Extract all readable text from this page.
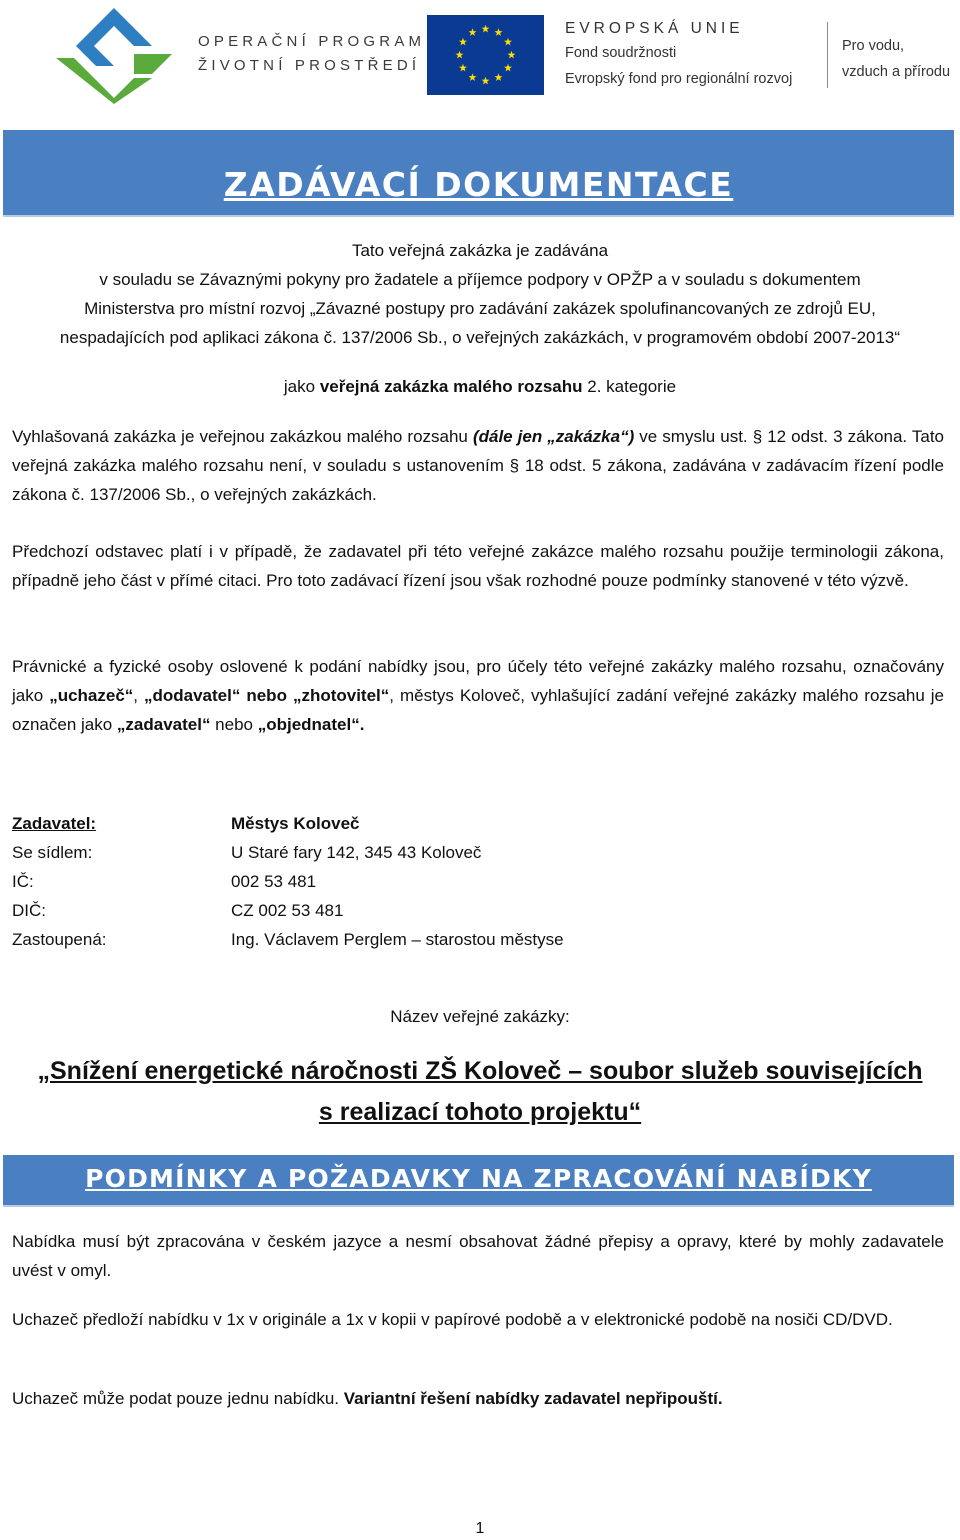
OPERAČNÍ PROGRAM
ŽIVOTNÍ PROSTŘEDÍ
EVROPSKÁ UNIE
Fond soudržnosti
Evropský fond pro regionální rozvoj
Pro vodu,
vzduch a přírodu
ZADÁVACÍ DOKUMENTACE
Tato veřejná zakázka je zadávána
v souladu se Závaznými pokyny pro žadatele a příjemce podpory v OPŽP a v souladu s dokumentem
Ministerstva pro místní rozvoj „Závazné postupy pro zadávání zakázek spolufinancovaných ze zdrojů EU,
nespadajících pod aplikaci zákona č. 137/2006 Sb., o veřejných zakázkách, v programovém období 2007-2013“
jako veřejná zakázka malého rozsahu 2. kategorie
Vyhlašovaná zakázka je veřejnou zakázkou malého rozsahu (dále jen „zakázka“) ve smyslu ust. § 12 odst. 3 zákona. Tato veřejná zakázka malého rozsahu není, v souladu s ustanovením § 18 odst. 5 zákona, zadávána v zadávacím řízení podle zákona č. 137/2006 Sb., o veřejných zakázkách.
Předchozí odstavec platí i v případě, že zadavatel při této veřejné zakázce malého rozsahu použije terminologii zákona, případně jeho část v přímé citaci. Pro toto zadávací řízení jsou však rozhodné pouze podmínky stanovené v této výzvě.
Právnické a fyzické osoby oslovené k podání nabídky jsou, pro účely této veřejné zakázky malého rozsahu, označovány jako „uchazeč“, „dodavatel“ nebo „zhotovitel“, městys Koloveč, vyhlašující zadání veřejné zakázky malého rozsahu je označen jako „zadavatel“ nebo „objednatel“.
Zadavatel:	Městys Koloveč
Se sídlem:	U Staré fary 142, 345 43 Koloveč
IČ:	002 53 481
DIČ:	CZ 002 53 481
Zastoupená:	Ing. Václavem Perglem – starostou městyse
Název veřejné zakázky:
„Snížení energetické náročnosti ZŠ Koloveč – soubor služeb souvisejících
s realizací tohoto projektu“
PODMÍNKY A POŽADAVKY NA ZPRACOVÁNÍ NABÍDKY
Nabídka musí být zpracována v českém jazyce a nesmí obsahovat žádné přepisy a opravy, které by mohly zadavatele uvést v omyl.
Uchazeč předloží nabídku v 1x v originále a 1x v kopii v papírové podobě a v elektronické podobě na nosiči CD/DVD.
Uchazeč může podat pouze jednu nabídku. Variantní řešení nabídky zadavatel nepřipouští.
1
